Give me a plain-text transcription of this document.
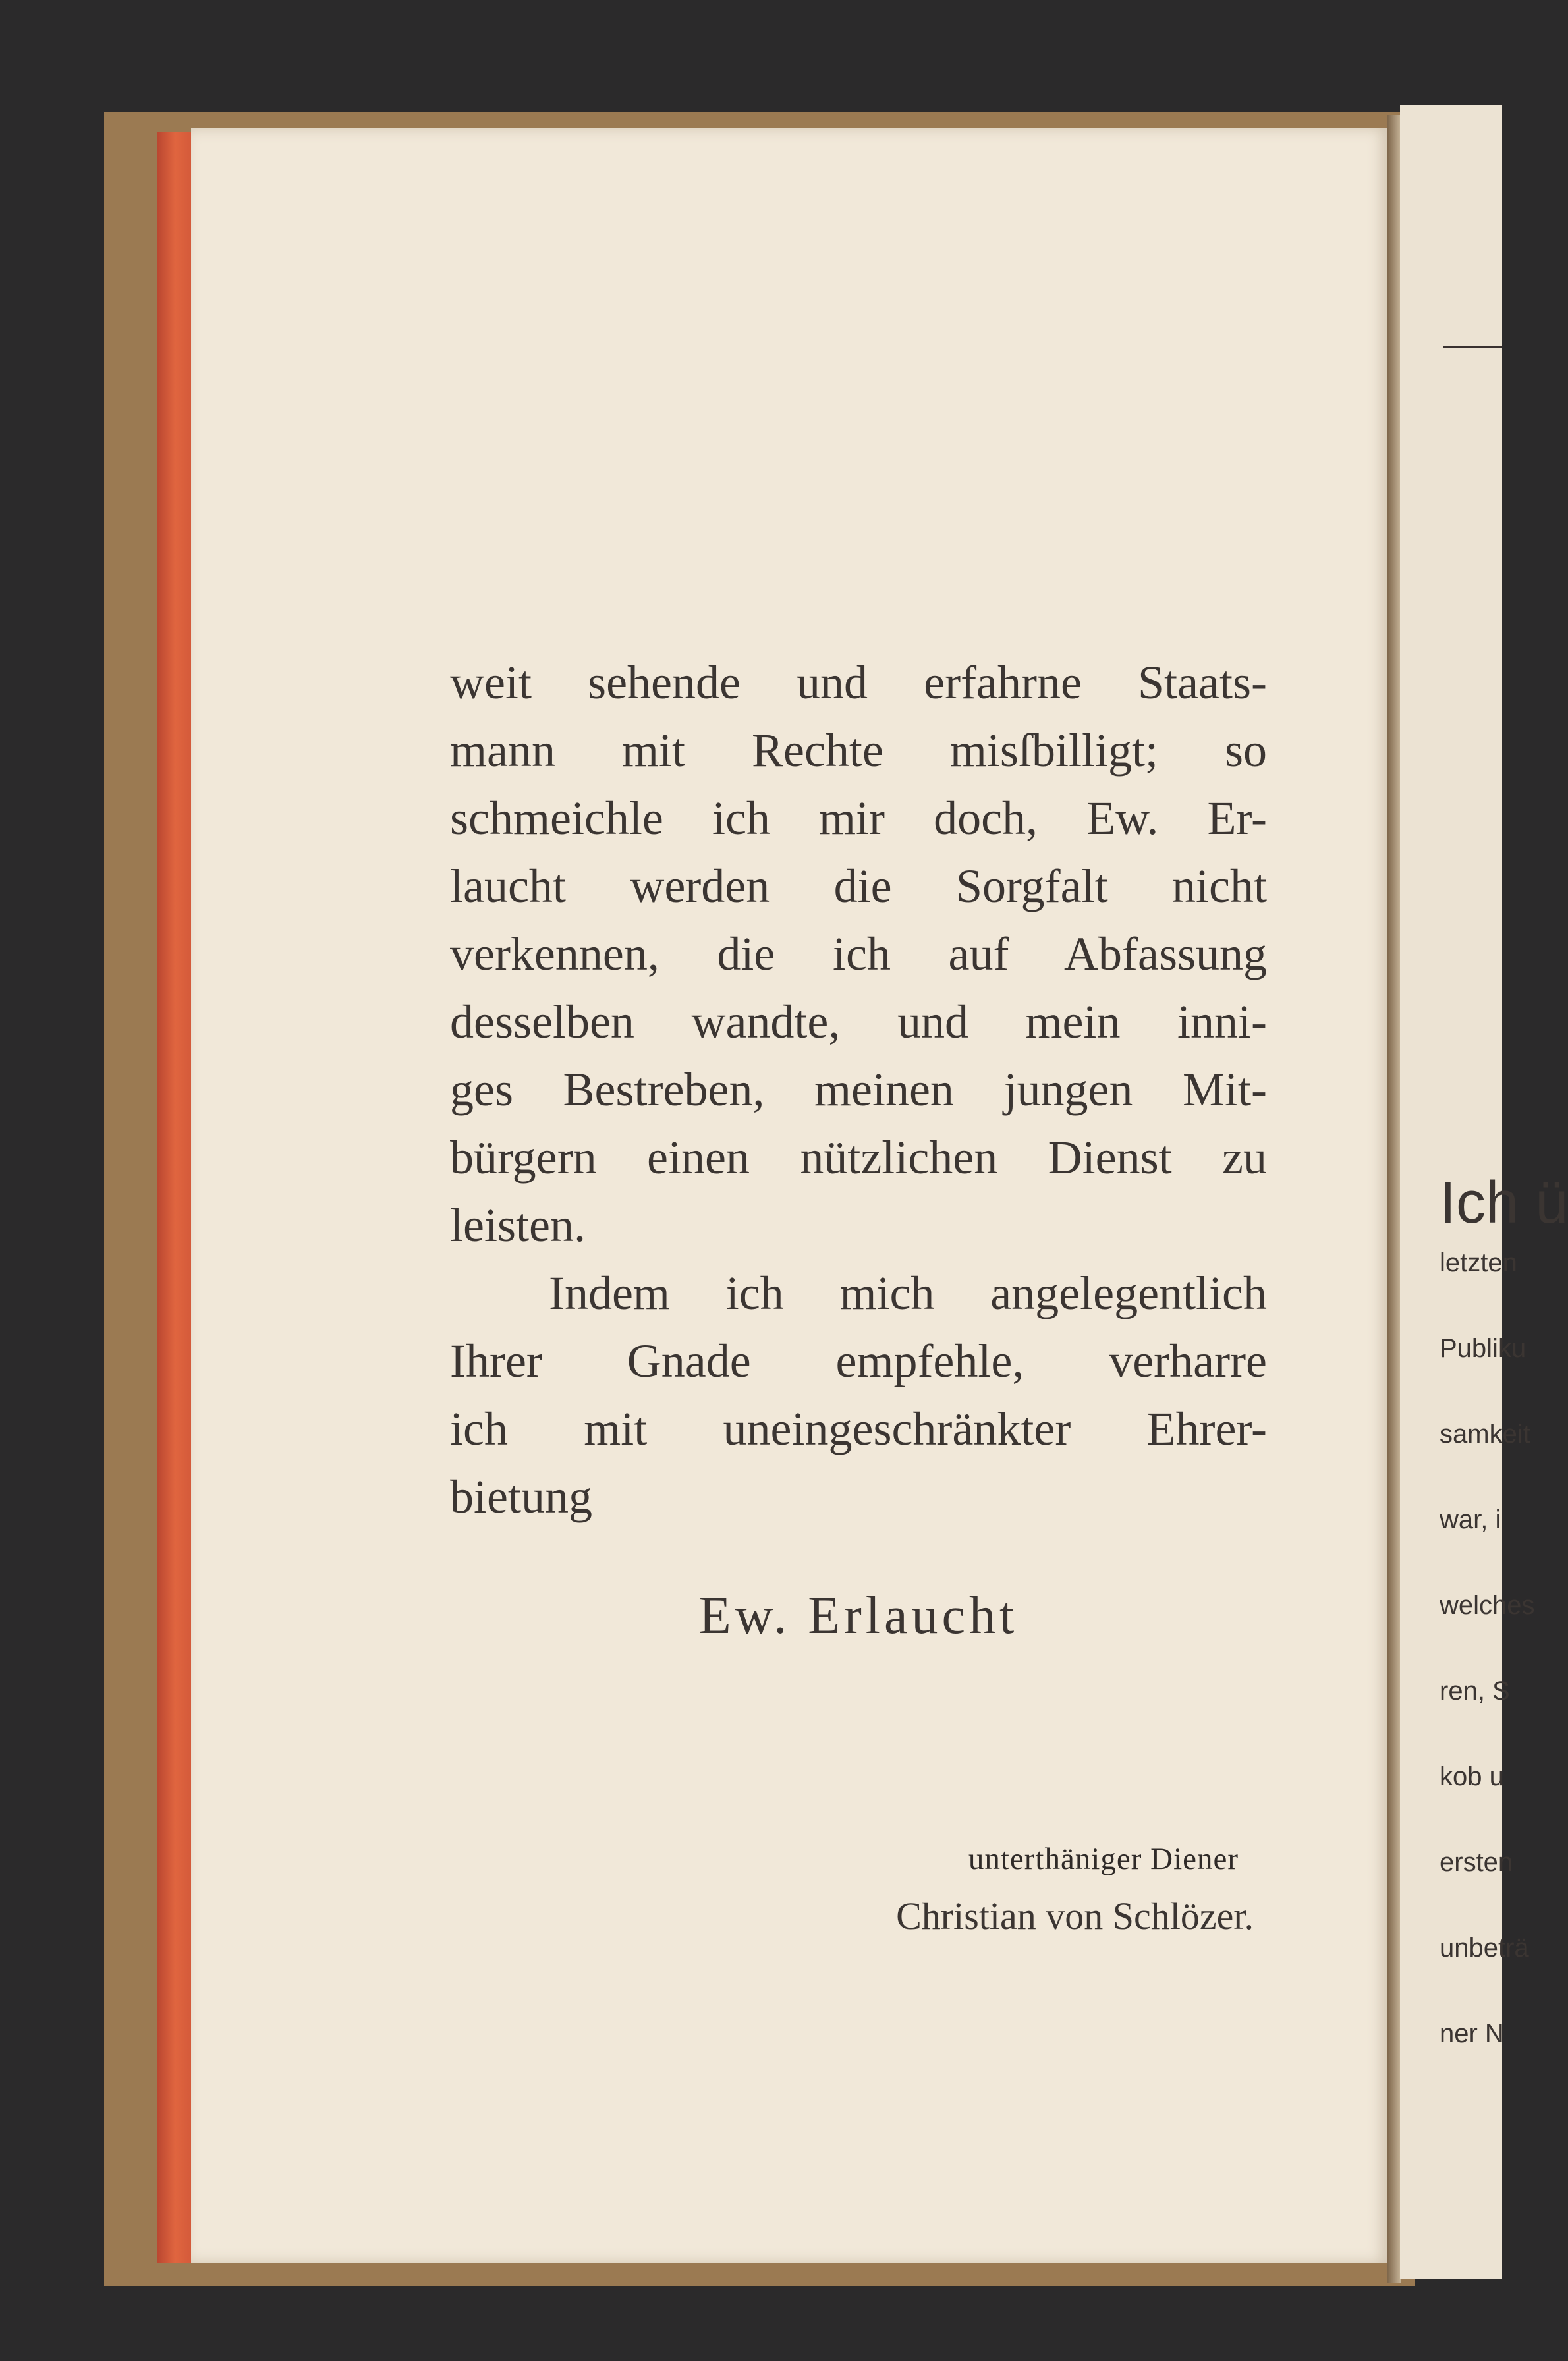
weit sehende und erfahrne Staats-
mann mit Rechte misſbilligt; so
schmeichle ich mir doch, Ew. Er-
laucht werden die Sorgfalt nicht
verkennen, die ich auf Abfassung
desselben wandte, und mein inni-
ges Bestreben, meinen jungen Mit-
bürgern einen nützlichen Dienst zu
leisten.
Indem ich mich angelegentlich
Ihrer Gnade empfehle, verharre
ich mit uneingeschränkter Ehrer-
bietung
Ew. Erlaucht
unterthäniger Diener
Christian von Schlözer.
Ich ü
letzten
Publiku
samkeit
war, i
welches
ren, S
kob u
ersten
unbeträ
ner N
